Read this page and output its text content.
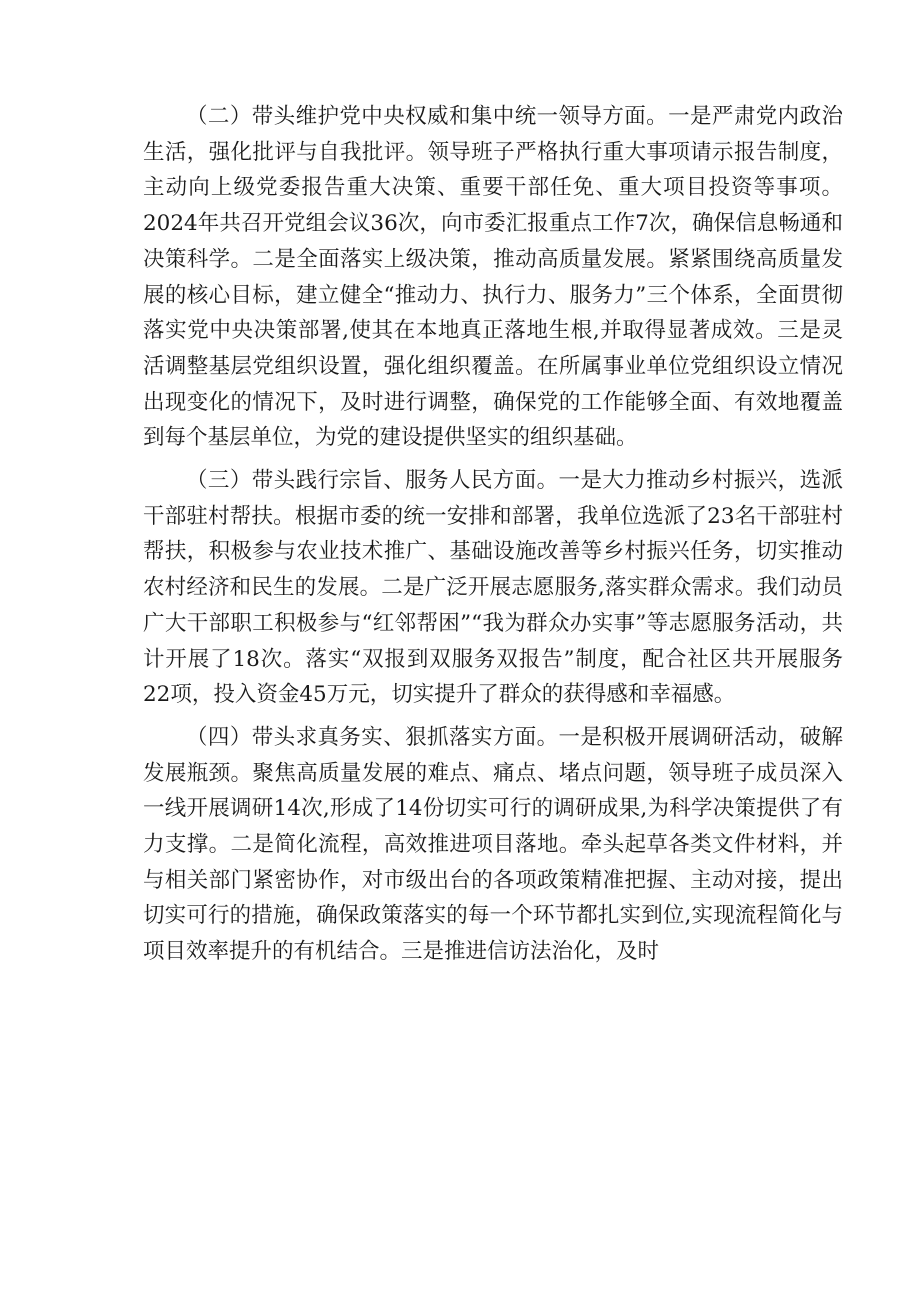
（二）带头维护党中央权威和集中统一领导方面。一是严肃党内政治生活，强化批评与自我批评。领导班子严格执行重大事项请示报告制度，主动向上级党委报告重大决策、重要干部任免、重大项目投资等事项。2024年共召开党组会议36次，向市委汇报重点工作7次，确保信息畅通和决策科学。二是全面落实上级决策，推动高质量发展。紧紧围绕高质量发展的核心目标，建立健全“推动力、执行力、服务力”三个体系，全面贯彻落实党中央决策部署,使其在本地真正落地生根,并取得显著成效。三是灵活调整基层党组织设置，强化组织覆盖。在所属事业单位党组织设立情况出现变化的情况下，及时进行调整，确保党的工作能够全面、有效地覆盖到每个基层单位，为党的建设提供坚实的组织基础。

（三）带头践行宗旨、服务人民方面。一是大力推动乡村振兴，选派干部驻村帮扶。根据市委的统一安排和部署，我单位选派了23名干部驻村帮扶，积极参与农业技术推广、基础设施改善等乡村振兴任务，切实推动农村经济和民生的发展。二是广泛开展志愿服务,落实群众需求。我们动员广大干部职工积极参与“红邻帮困”“我为群众办实事”等志愿服务活动，共计开展了18次。落实“双报到双服务双报告”制度，配合社区共开展服务22项，投入资金45万元，切实提升了群众的获得感和幸福感。

（四）带头求真务实、狠抓落实方面。一是积极开展调研活动，破解发展瓶颈。聚焦高质量发展的难点、痛点、堵点问题，领导班子成员深入一线开展调研14次,形成了14份切实可行的调研成果,为科学决策提供了有力支撑。二是简化流程，高效推进项目落地。牵头起草各类文件材料，并与相关部门紧密协作，对市级出台的各项政策精准把握、主动对接，提出切实可行的措施，确保政策落实的每一个环节都扎实到位,实现流程简化与项目效率提升的有机结合。三是推进信访法治化，及时
